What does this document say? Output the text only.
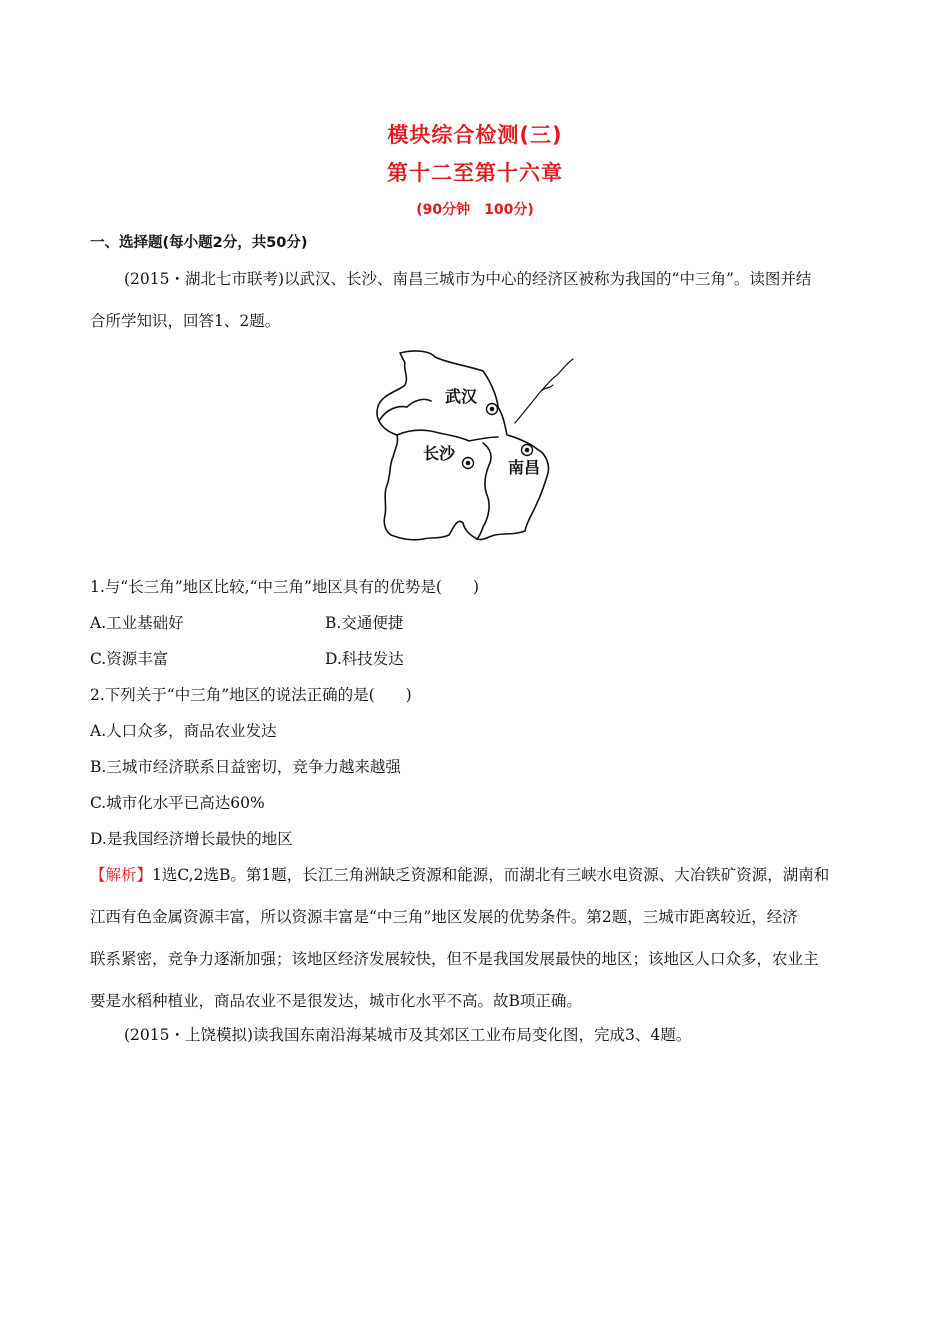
模块综合检测(三)
第十二至第十六章
(90分钟　100分)
一、选择题(每小题2分，共50分)
(2015・湖北七市联考)以武汉、长沙、南昌三城市为中心的经济区被称为我国的“中三角”。读图并结
合所学知识，回答1、2题。
武汉
长沙
南昌
1.与“长三角”地区比较,“中三角”地区具有的优势是(　　)
A.工业基础好	B.交通便捷
C.资源丰富	D.科技发达
2.下列关于“中三角”地区的说法正确的是(　　)
A.人口众多，商品农业发达
B.三城市经济联系日益密切，竞争力越来越强
C.城市化水平已高达60%
D.是我国经济增长最快的地区
【解析】1选C,2选B。第1题，长江三角洲缺乏资源和能源，而湖北有三峡水电资源、大冶铁矿资源，湖南和
江西有色金属资源丰富，所以资源丰富是“中三角”地区发展的优势条件。第2题，三城市距离较近，经济
联系紧密，竞争力逐渐加强；该地区经济发展较快，但不是我国发展最快的地区；该地区人口众多，农业主
要是水稻种植业，商品农业不是很发达，城市化水平不高。故B项正确。
(2015・上饶模拟)读我国东南沿海某城市及其郊区工业布局变化图，完成3、4题。
